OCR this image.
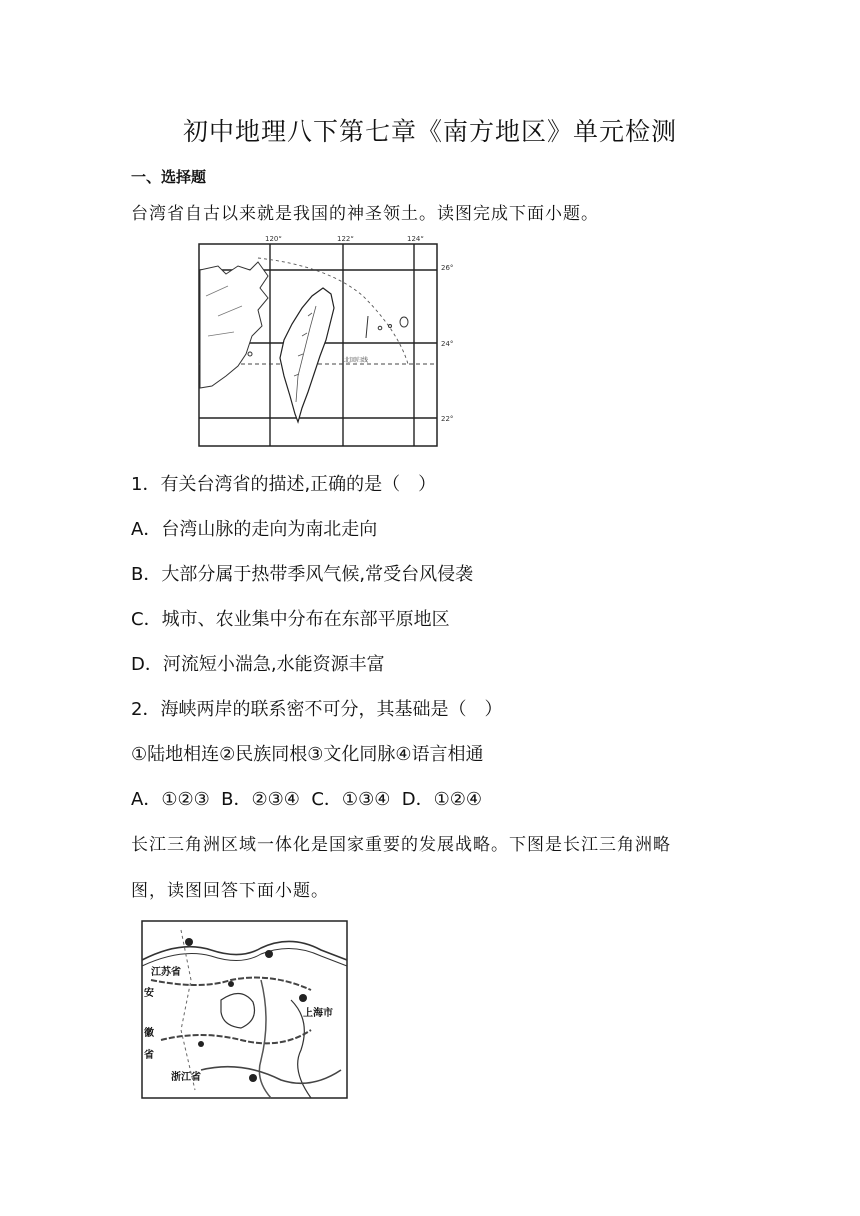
初中地理八下第七章《南方地区》单元检测
一、选择题
台湾省自古以来就是我国的神圣领土。读图完成下面小题。
120°	122°	124°
26°
24°
22°
北回归线
1．有关台湾省的描述,正确的是（　）
A．台湾山脉的走向为南北走向
B．大部分属于热带季风气候,常受台风侵袭
C．城市、农业集中分布在东部平原地区
D．河流短小湍急,水能资源丰富
2．海峡两岸的联系密不可分，其基础是（　）
①陆地相连②民族同根③文化同脉④语言相通
A．①②③  B．②③④  C．①③④  D．①②④
长江三角洲区域一体化是国家重要的发展战略。下图是长江三角洲略
图，读图回答下面小题。
江苏省
安
上海市
徽
省
浙江省
